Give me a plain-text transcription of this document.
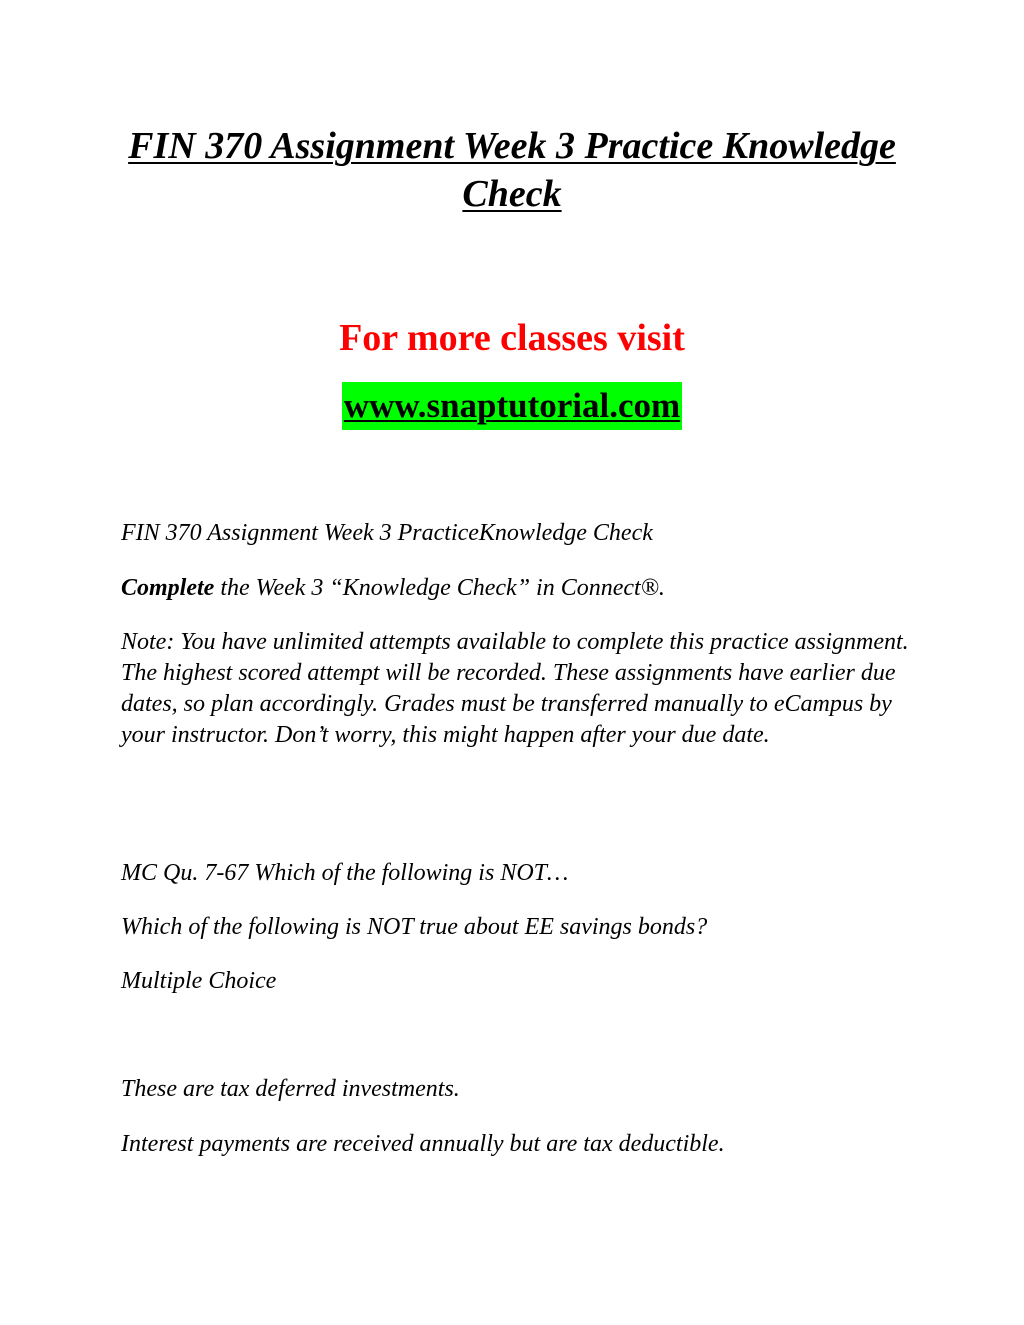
FIN 370 Assignment Week 3 Practice Knowledge Check

For more classes visit

www.snaptutorial.com

FIN 370 Assignment Week 3 PracticeKnowledge Check

Complete the Week 3 “Knowledge Check” in Connect®.

Note: You have unlimited attempts available to complete this practice assignment. The highest scored attempt will be recorded. These assignments have earlier due dates, so plan accordingly. Grades must be transferred manually to eCampus by your instructor. Don’t worry, this might happen after your due date.

MC Qu. 7-67 Which of the following is NOT…

Which of the following is NOT true about EE savings bonds?

Multiple Choice

These are tax deferred investments.

Interest payments are received annually but are tax deductible.
